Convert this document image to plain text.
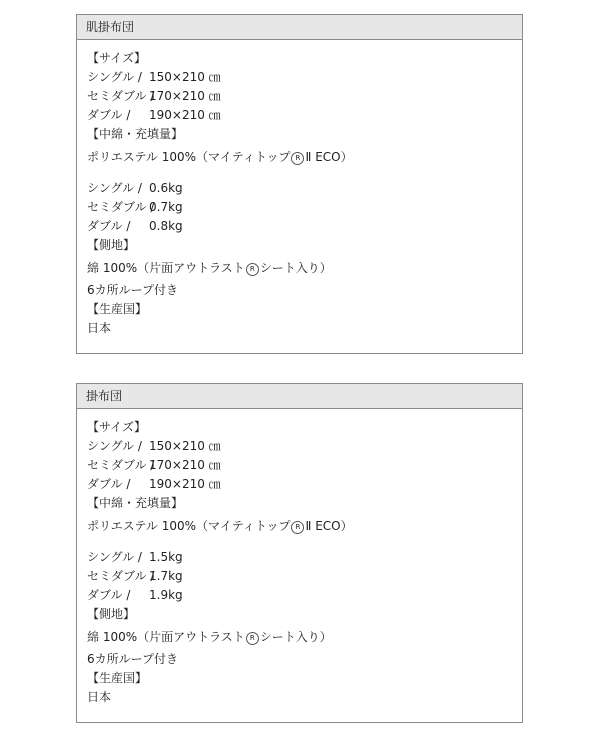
肌掛布団
【サイズ】
シングル / 150×210 ㎝
セミダブル /170×210 ㎝
ダブル / 190×210 ㎝
【中綿・充填量】
ポリエステル 100%（マイティトップ R Ⅱ ECO）
シングル / 0.6kg
セミダブル /0.7kg
ダブル / 0.8kg
【側地】
綿 100%（片面アウトラスト R シート入り）
6カ所ループ付き
【生産国】
日本
掛布団
【サイズ】
シングル / 150×210 ㎝
セミダブル /170×210 ㎝
ダブル / 190×210 ㎝
【中綿・充填量】
ポリエステル 100%（マイティトップ R Ⅱ ECO）
シングル / 1.5kg
セミダブル /1.7kg
ダブル / 1.9kg
【側地】
綿 100%（片面アウトラスト R シート入り）
6カ所ループ付き
【生産国】
日本
